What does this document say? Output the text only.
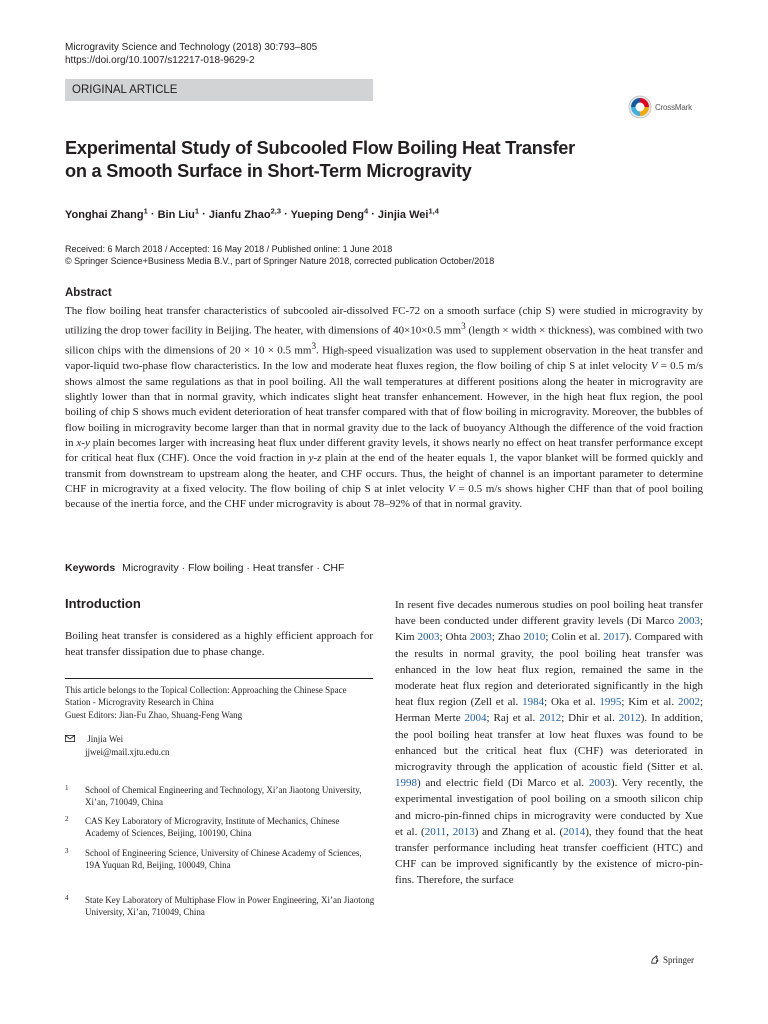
Microgravity Science and Technology (2018) 30:793–805
https://doi.org/10.1007/s12217-018-9629-2
ORIGINAL ARTICLE
CrossMark
Experimental Study of Subcooled Flow Boiling Heat Transfer
on a Smooth Surface in Short-Term Microgravity
Yonghai Zhang$^1$ · Bin Liu$^1$ · Jianfu Zhao$^{2,3}$ · Yueping Deng$^4$ · Jinjia Wei$^{1,4}$
Received: 6 March 2018 / Accepted: 16 May 2018 / Published online: 1 June 2018
© Springer Science+Business Media B.V., part of Springer Nature 2018, corrected publication October/2018
Abstract
The flow boiling heat transfer characteristics of subcooled air-dissolved FC-72 on a smooth surface (chip S) were studied in microgravity by utilizing the drop tower facility in Beijing. The heater, with dimensions of 40×10×0.5 $mm^3$ (length × width × thickness), was combined with two silicon chips with the dimensions of 20 × 10 × 0.5 $mm^3$. High-speed visualization was used to supplement observation in the heat transfer and vapor-liquid two-phase flow characteristics. In the low and moderate heat fluxes region, the flow boiling of chip S at inlet velocity V = 0.5 m/s shows almost the same regulations as that in pool boiling. All the wall temperatures at different positions along the heater in microgravity are slightly lower than that in normal gravity, which indicates slight heat transfer enhancement. However, in the high heat flux region, the pool boiling of chip S shows much evident deterioration of heat transfer compared with that of flow boiling in microgravity. Moreover, the bubbles of flow boiling in microgravity become larger than that in normal gravity due to the lack of buoyancy Although the difference of the void fraction in x-y plain becomes larger with increasing heat flux under different gravity levels, it shows nearly no effect on heat transfer performance except for critical heat flux (CHF). Once the void fraction in y-z plain at the end of the heater equals 1, the vapor blanket will be formed quickly and transmit from downstream to upstream along the heater, and CHF occurs. Thus, the height of channel is an important parameter to determine CHF in microgravity at a fixed velocity. The flow boiling of chip S at inlet velocity V = 0.5 m/s shows higher CHF than that of pool boiling because of the inertia force, and the CHF under microgravity is about 78–92% of that in normal gravity.
Keywords Microgravity · Flow boiling · Heat transfer · CHF
Introduction
Boiling heat transfer is considered as a highly efficient approach for heat transfer dissipation due to phase change.
This article belongs to the Topical Collection: Approaching the Chinese Space Station - Microgravity Research in China
Guest Editors: Jian-Fu Zhao, Shuang-Feng Wang
Jinjia Wei
jjwei@mail.xjtu.edu.cn
1 School of Chemical Engineering and Technology, Xi’an Jiaotong University, Xi’an, 710049, China
2 CAS Key Laboratory of Microgravity, Institute of Mechanics, Chinese Academy of Sciences, Beijing, 100190, China
3 School of Engineering Science, University of Chinese Academy of Sciences, 19A Yuquan Rd, Beijing, 100049, China
4 State Key Laboratory of Multiphase Flow in Power Engineering, Xi’an Jiaotong University, Xi’an, 710049, China
In resent five decades numerous studies on pool boiling heat transfer have been conducted under different gravity levels (Di Marco 2003; Kim 2003; Ohta 2003; Zhao 2010; Colin et al. 2017). Compared with the results in normal gravity, the pool boiling heat transfer was enhanced in the low heat flux region, remained the same in the moderate heat flux region and deteriorated significantly in the high heat flux region (Zell et al. 1984; Oka et al. 1995; Kim et al. 2002; Herman Merte 2004; Raj et al. 2012; Dhir et al. 2012). In addition, the pool boiling heat transfer at low heat fluxes was found to be enhanced but the critical heat flux (CHF) was deteriorated in microgravity through the application of acoustic field (Sitter et al. 1998) and electric field (Di Marco et al. 2003). Very recently, the experimental investigation of pool boiling on a smooth silicon chip and micro-pin-finned chips in microgravity were conducted by Xue et al. (2011, 2013) and Zhang et al. (2014), they found that the heat transfer performance including heat transfer coefficient (HTC) and CHF can be improved significantly by the existence of micro-pin-fins. Therefore, the surface
Springer
